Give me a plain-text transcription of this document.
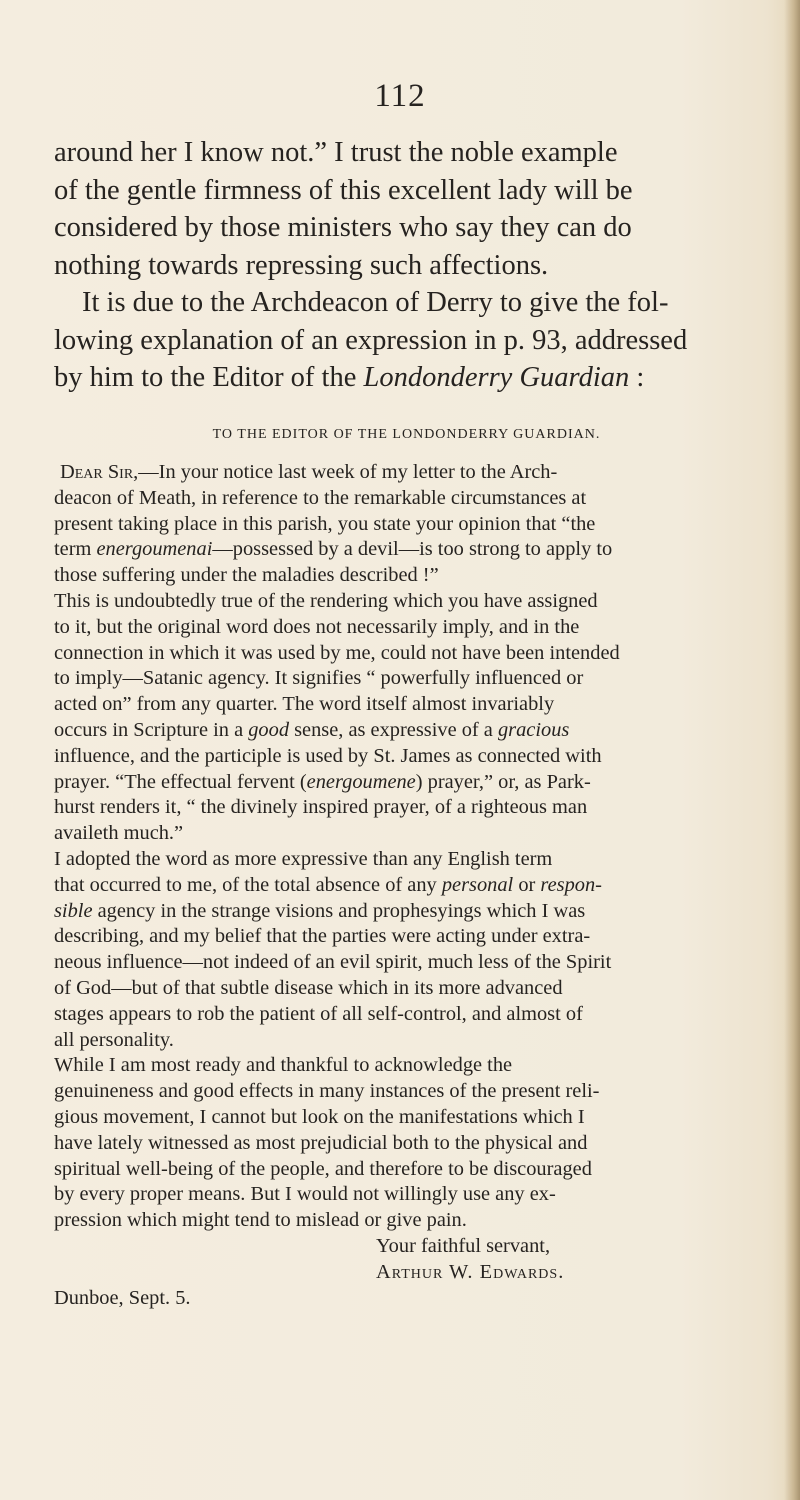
112
around her I know not.” I trust the noble example
of the gentle firmness of this excellent lady will be
considered by those ministers who say they can do
nothing towards repressing such affections.
It is due to the Archdeacon of Derry to give the fol-
lowing explanation of an expression in p. 93, addressed
by him to the Editor of the Londonderry Guardian :
TO THE EDITOR OF THE LONDONDERRY GUARDIAN.
Dear Sir,—In your notice last week of my letter to the Arch-
deacon of Meath, in reference to the remarkable circumstances at
present taking place in this parish, you state your opinion that “the
term energoumenai—possessed by a devil—is too strong to apply to
those suffering under the maladies described !”
This is undoubtedly true of the rendering which you have assigned
to it, but the original word does not necessarily imply, and in the
connection in which it was used by me, could not have been intended
to imply—Satanic agency. It signifies “ powerfully influenced or
acted on” from any quarter. The word itself almost invariably
occurs in Scripture in a good sense, as expressive of a gracious
influence, and the participle is used by St. James as connected with
prayer. “The effectual fervent (energoumene) prayer,” or, as Park-
hurst renders it, “ the divinely inspired prayer, of a righteous man
availeth much.”
I adopted the word as more expressive than any English term
that occurred to me, of the total absence of any personal or respon-
sible agency in the strange visions and prophesyings which I was
describing, and my belief that the parties were acting under extra-
neous influence—not indeed of an evil spirit, much less of the Spirit
of God—but of that subtle disease which in its more advanced
stages appears to rob the patient of all self-control, and almost of
all personality.
While I am most ready and thankful to acknowledge the
genuineness and good effects in many instances of the present reli-
gious movement, I cannot but look on the manifestations which I
have lately witnessed as most prejudicial both to the physical and
spiritual well-being of the people, and therefore to be discouraged
by every proper means. But I would not willingly use any ex-
pression which might tend to mislead or give pain.
Your faithful servant,
Arthur W. Edwards.
Dunboe, Sept. 5.
